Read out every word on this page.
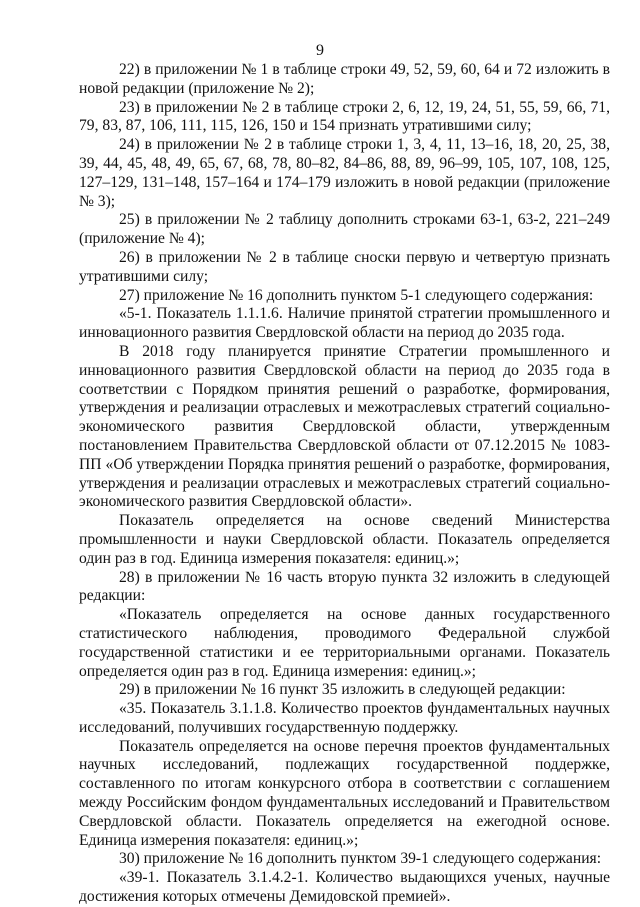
9

22) в приложении № 1 в таблице строки 49, 52, 59, 60, 64 и 72 изложить в новой редакции (приложение № 2);

23) в приложении № 2 в таблице строки 2, 6, 12, 19, 24, 51, 55, 59, 66, 71, 79, 83, 87, 106, 111, 115, 126, 150 и 154 признать утратившими силу;

24) в приложении № 2 в таблице строки 1, 3, 4, 11, 13–16, 18, 20, 25, 38, 39, 44, 45, 48, 49, 65, 67, 68, 78, 80–82, 84–86, 88, 89, 96–99, 105, 107, 108, 125, 127–129, 131–148, 157–164 и 174–179 изложить в новой редакции (приложение № 3);

25) в приложении № 2 таблицу дополнить строками 63-1, 63-2, 221–249 (приложение № 4);

26) в приложении № 2 в таблице сноски первую и четвертую признать утратившими силу;

27) приложение № 16 дополнить пунктом 5-1 следующего содержания:

«5-1. Показатель 1.1.1.6. Наличие принятой стратегии промышленного и инновационного развития Свердловской области на период до 2035 года.

В 2018 году планируется принятие Стратегии промышленного и инновационного развития Свердловской области на период до 2035 года в соответствии с Порядком принятия решений о разработке, формирования, утверждения и реализации отраслевых и межотраслевых стратегий социально-экономического развития Свердловской области, утвержденным постановлением Правительства Свердловской области от 07.12.2015 № 1083-ПП «Об утверждении Порядка принятия решений о разработке, формирования, утверждения и реализации отраслевых и межотраслевых стратегий социально-экономического развития Свердловской области».

Показатель определяется на основе сведений Министерства промышленности и науки Свердловской области. Показатель определяется один раз в год. Единица измерения показателя: единиц.»;

28) в приложении № 16 часть вторую пункта 32 изложить в следующей редакции:

«Показатель определяется на основе данных государственного статистического наблюдения, проводимого Федеральной службой государственной статистики и ее территориальными органами. Показатель определяется один раз в год. Единица измерения: единиц.»;

29) в приложении № 16 пункт 35 изложить в следующей редакции:

«35. Показатель 3.1.1.8. Количество проектов фундаментальных научных исследований, получивших государственную поддержку.

Показатель определяется на основе перечня проектов фундаментальных научных исследований, подлежащих государственной поддержке, составленного по итогам конкурсного отбора в соответствии с соглашением между Российским фондом фундаментальных исследований и Правительством Свердловской области. Показатель определяется на ежегодной основе. Единица измерения показателя: единиц.»;

30) приложение № 16 дополнить пунктом 39-1 следующего содержания:

«39-1. Показатель 3.1.4.2-1. Количество выдающихся ученых, научные достижения которых отмечены Демидовской премией».
